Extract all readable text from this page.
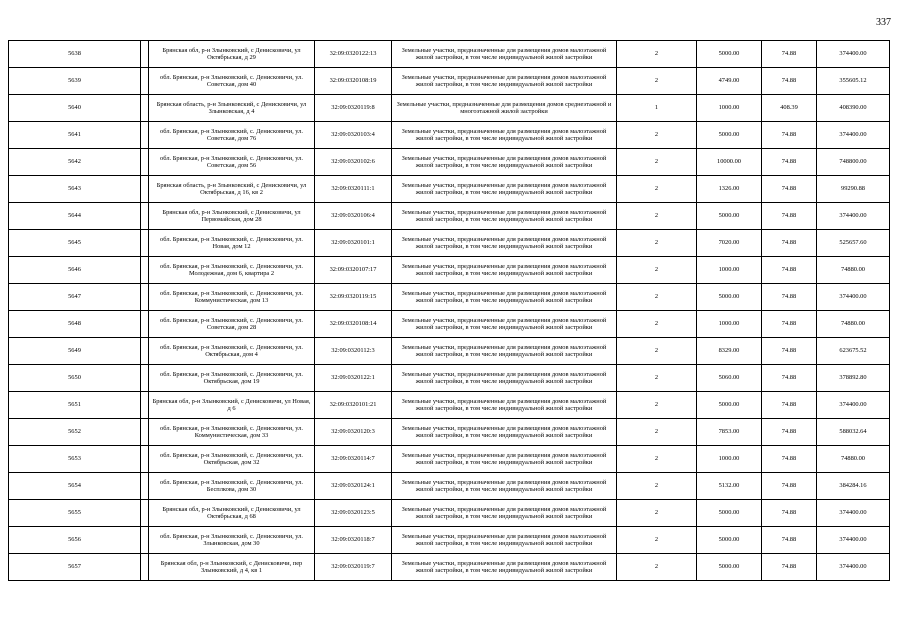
337
5638		Брянская обл, р-н Злынковский, с Денисковичи, ул Октябрьская, д 29	32:09:0320122:13	Земельные участки, предназначенные для размещения домов малоэтажной жилой застройки, в том числе индивидуальной жилой застройки	2	5000.00	74.88	374400.00
5639		обл. Брянская, р-н Злынковский, с. Денисковичи, ул. Советская, дом 40	32:09:0320108:19	Земельные участки, предназначенные для размещения домов малоэтажной жилой застройки, в том числе индивидуальной жилой застройки	2	4749.00	74.88	355605.12
5640		Брянская область, р-н Злынковский, с Денисковичи, ул Злынковская, д 4	32:09:0320119:8	Земельные участки, предназначенные для размещения домов среднеэтажной и многоэтажной жилой застройки	1	1000.00	408.39	408390.00
5641		обл. Брянская, р-н Злынковский, с. Денисковичи, ул. Советская, дом 76	32:09:0320103:4	Земельные участки, предназначенные для размещения домов малоэтажной жилой застройки, в том числе индивидуальной жилой застройки	2	5000.00	74.88	374400.00
5642		обл. Брянская, р-н Злынковский, с. Денисковичи, ул. Советская, дом 56	32:09:0320102:6	Земельные участки, предназначенные для размещения домов малоэтажной жилой застройки, в том числе индивидуальной жилой застройки	2	10000.00	74.88	748800.00
5643		Брянская область, р-н Злынковский, с Денисковичи, ул Октябрьская, д 16, кв 2	32:09:0320111:1	Земельные участки, предназначенные для размещения домов малоэтажной жилой застройки, в том числе индивидуальной жилой застройки	2	1326.00	74.88	99290.88
5644		Брянская обл, р-н Злынковский, с Денисковичи, ул Первомайская, дом 28	32:09:0320106:4	Земельные участки, предназначенные для размещения домов малоэтажной жилой застройки, в том числе индивидуальной жилой застройки	2	5000.00	74.88	374400.00
5645		обл. Брянская, р-н Злынковский, с. Денисковичи, ул. Новая, дом 12	32:09:0320101:1	Земельные участки, предназначенные для размещения домов малоэтажной жилой застройки, в том числе индивидуальной жилой застройки	2	7020.00	74.88	525657.60
5646		обл. Брянская, р-н Злынковский, с. Денисковичи, ул. Молодежная, дом 6, квартира 2	32:09:0320107:17	Земельные участки, предназначенные для размещения домов малоэтажной жилой застройки, в том числе индивидуальной жилой застройки	2	1000.00	74.88	74880.00
5647		обл. Брянская, р-н Злынковский, с. Денисковичи, ул. Коммунистическая, дом 13	32:09:0320119:15	Земельные участки, предназначенные для размещения домов малоэтажной жилой застройки, в том числе индивидуальной жилой застройки	2	5000.00	74.88	374400.00
5648		обл. Брянская, р-н Злынковский, с. Денисковичи, ул. Советская, дом 28	32:09:0320108:14	Земельные участки, предназначенные для размещения домов малоэтажной жилой застройки, в том числе индивидуальной жилой застройки	2	1000.00	74.88	74880.00
5649		обл. Брянская, р-н Злынковский, с. Денисковичи, ул. Октябрьская, дом 4	32:09:0320112:3	Земельные участки, предназначенные для размещения домов малоэтажной жилой застройки, в том числе индивидуальной жилой застройки	2	8329.00	74.88	623675.52
5650		обл. Брянская, р-н Злынковский, с. Денисковичи, ул. Октябрьская, дом 19	32:09:0320122:1	Земельные участки, предназначенные для размещения домов малоэтажной жилой застройки, в том числе индивидуальной жилой застройки	2	5060.00	74.88	378892.80
5651		Брянская обл, р-н Злынковский, с Денисковичи, ул Новая, д 6	32:09:0320101:21	Земельные участки, предназначенные для размещения домов малоэтажной жилой застройки, в том числе индивидуальной жилой застройки	2	5000.00	74.88	374400.00
5652		обл. Брянская, р-н Злынковский, с. Денисковичи, ул. Коммунистическая, дом 33	32:09:0320120:3	Земельные участки, предназначенные для размещения домов малоэтажной жилой застройки, в том числе индивидуальной жилой застройки	2	7853.00	74.88	588032.64
5653		обл. Брянская, р-н Злынковский, с. Денисковичи, ул. Октябрьская, дом 32	32:09:0320114:7	Земельные участки, предназначенные для размещения домов малоэтажной жилой застройки, в том числе индивидуальной жилой застройки	2	1000.00	74.88	74880.00
5654		обл. Брянская, р-н Злынковский, с. Денисковичи, ул. Бесплкова, дом 30	32:09:0320124:1	Земельные участки, предназначенные для размещения домов малоэтажной жилой застройки, в том числе индивидуальной жилой застройки	2	5132.00	74.88	384284.16
5655		Брянская обл, р-н Злынковский, с Денисковичи, ул Октябрьская, д 68	32:09:0320123:5	Земельные участки, предназначенные для размещения домов малоэтажной жилой застройки, в том числе индивидуальной жилой застройки	2	5000.00	74.88	374400.00
5656		обл. Брянская, р-н Злынковский, с. Денисковичи, ул. Злынковская, дом 30	32:09:0320118:7	Земельные участки, предназначенные для размещения домов малоэтажной жилой застройки, в том числе индивидуальной жилой застройки	2	5000.00	74.88	374400.00
5657		Брянская обл, р-н Злынковский, с Денисковичи, пер Злынковский, д 4, кв 1	32:09:0320119:7	Земельные участки, предназначенные для размещения домов малоэтажной жилой застройки, в том числе индивидуальной жилой застройки	2	5000.00	74.88	374400.00
